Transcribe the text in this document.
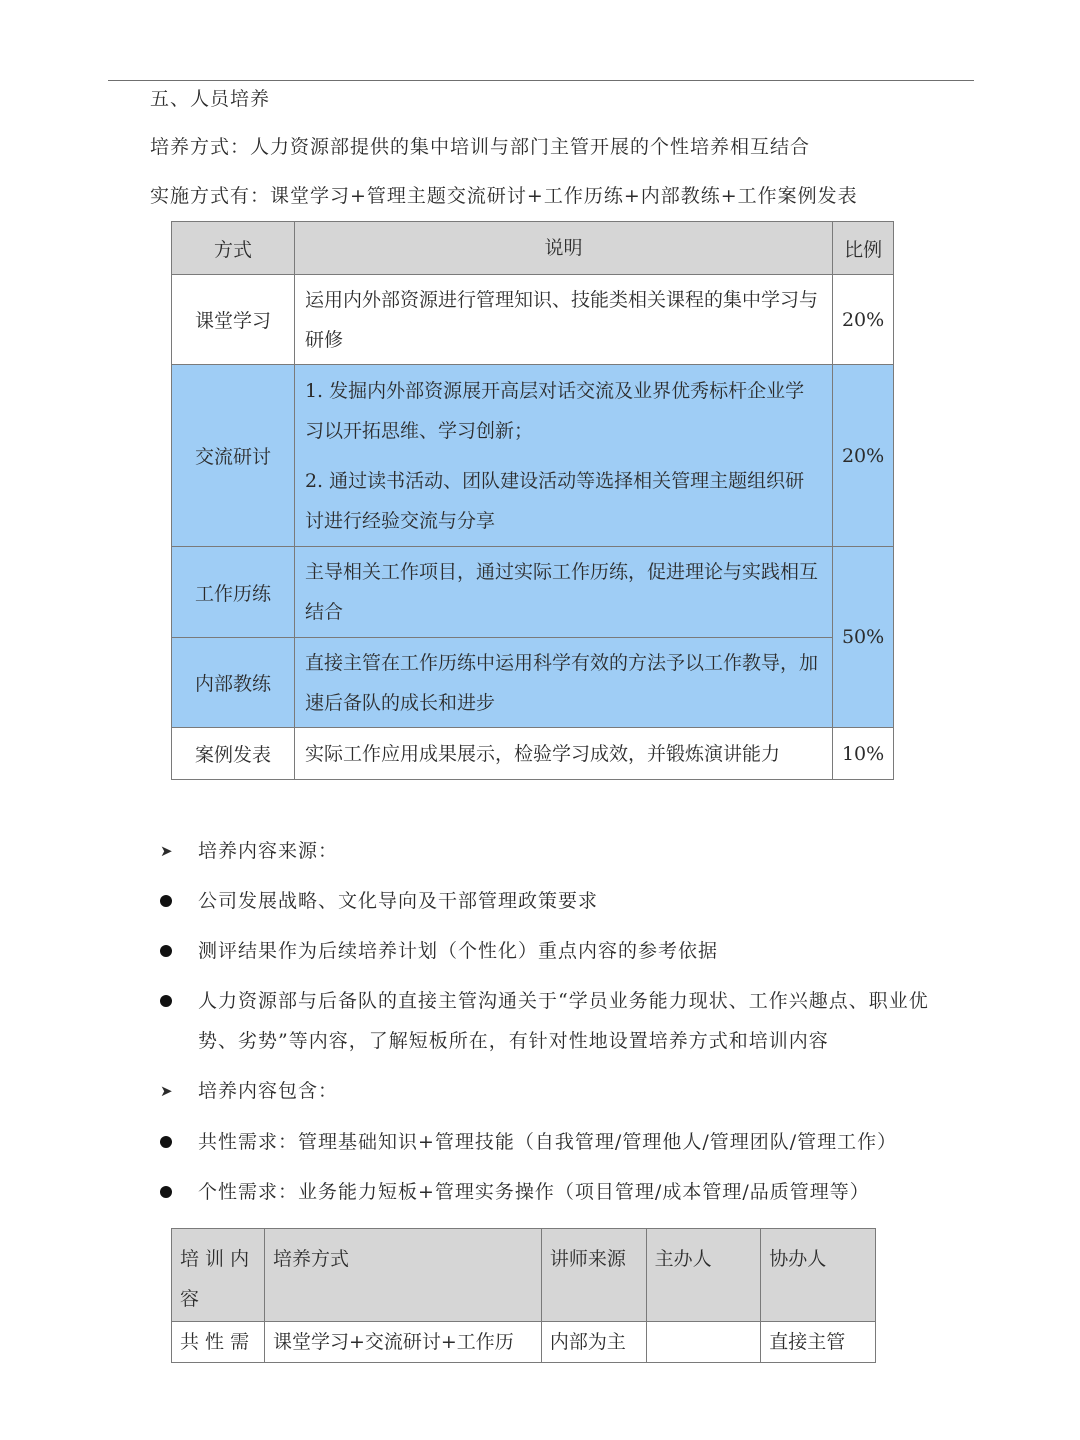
五、人员培养
培养方式：人力资源部提供的集中培训与部门主管开展的个性培养相互结合
实施方式有：课堂学习+管理主题交流研讨+工作历练+内部教练+工作案例发表
方式	说明	比例
课堂学习	运用内外部资源进行管理知识、技能类相关课程的集中学习与研修	20%
交流研讨	1. 发掘内外部资源展开高层对话交流及业界优秀标杆企业学习以开拓思维、学习创新；

2. 通过读书活动、团队建设活动等选择相关管理主题组织研讨进行经验交流与分享	20%
工作历练	主导相关工作项目，通过实际工作历练，促进理论与实践相互结合	50%
内部教练	直接主管在工作历练中运用科学有效的方法予以工作教导，加速后备队的成长和进步	

案例发表	实际工作应用成果展示，检验学习成效，并锻炼演讲能力	10%
➤	培养内容来源：
公司发展战略、文化导向及干部管理政策要求
测评结果作为后续培养计划（个性化）重点内容的参考依据
人力资源部与后备队的直接主管沟通关于“学员业务能力现状、工作兴趣点、职业优
势、劣势”等内容，了解短板所在，有针对性地设置培养方式和培训内容
➤	培养内容包含：
共性需求：管理基础知识+管理技能（自我管理/管理他人/管理团队/管理工作）
个性需求：业务能力短板+管理实务操作（项目管理/成本管理/品质管理等）
培 训 内 容	培养方式	讲师来源	主办人	协办人
共 性 需	课堂学习+交流研讨+工作历	内部为主		直接主管
